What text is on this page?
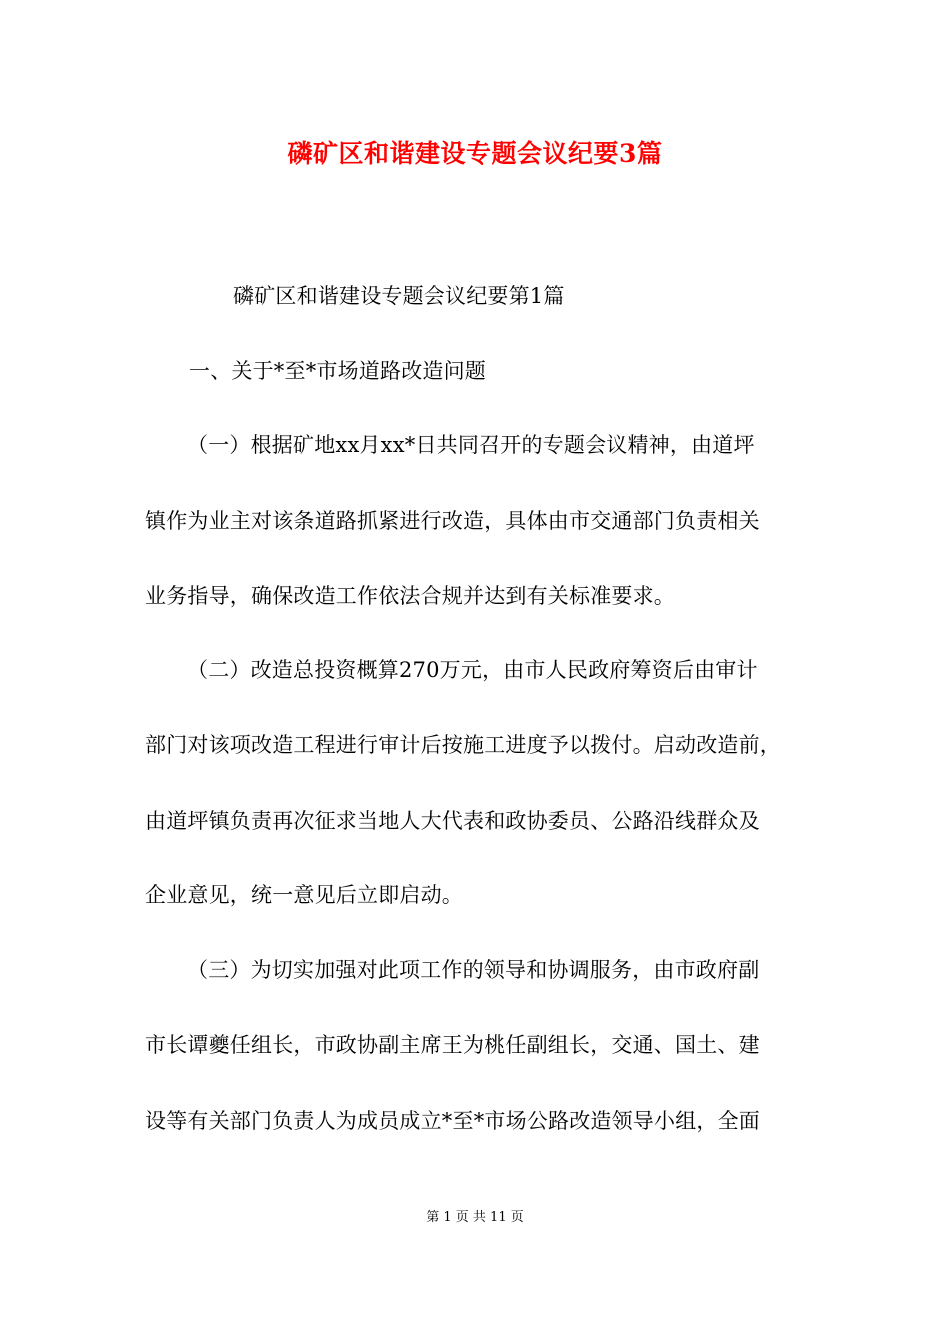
磷矿区和谐建设专题会议纪要3篇
磷矿区和谐建设专题会议纪要第1篇
一、关于*至*市场道路改造问题
（一）根据矿地xx月xx*日共同召开的专题会议精神，由道坪
镇作为业主对该条道路抓紧进行改造，具体由市交通部门负责相关
业务指导，确保改造工作依法合规并达到有关标准要求。
（二）改造总投资概算270万元，由市人民政府筹资后由审计
部门对该项改造工程进行审计后按施工进度予以拨付。启动改造前，
由道坪镇负责再次征求当地人大代表和政协委员、公路沿线群众及
企业意见，统一意见后立即启动。
（三）为切实加强对此项工作的领导和协调服务，由市政府副
市长谭夔任组长，市政协副主席王为桃任副组长，交通、国土、建
设等有关部门负责人为成员成立*至*市场公路改造领导小组，全面
第 1 页 共 11 页
